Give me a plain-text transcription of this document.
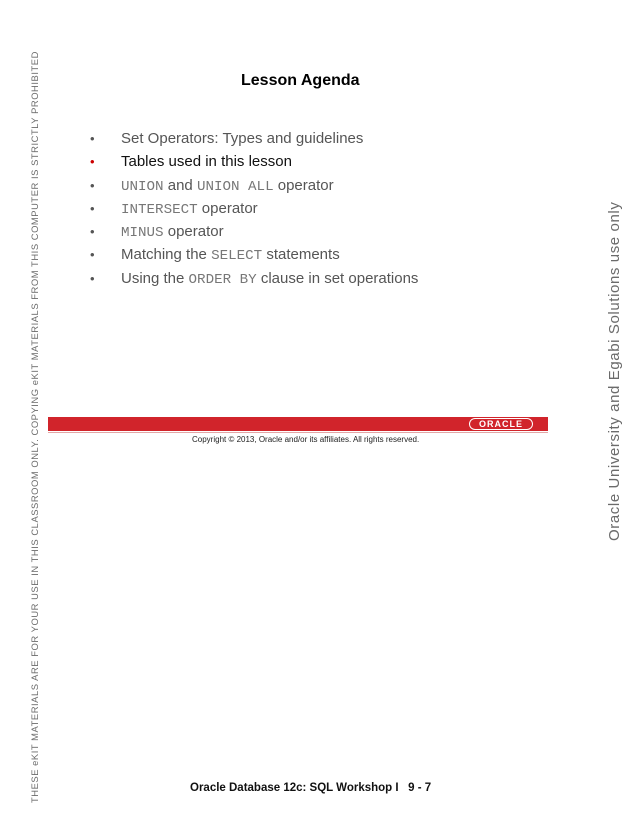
THESE eKIT MATERIALS ARE FOR YOUR USE IN THIS CLASSROOM ONLY. COPYING eKIT MATERIALS FROM THIS COMPUTER IS STRICTLY PROHIBITED	Oracle University and Egabi Solutions use only
Lesson Agenda
• Set Operators: Types and guidelines
• Tables used in this lesson
• UNION and UNION ALL operator
• INTERSECT operator
• MINUS operator
• Matching the SELECT statements
• Using the ORDER BY clause in set operations
ORACLE
Copyright © 2013, Oracle and/or its affiliates. All rights reserved.
Oracle Database 12c: SQL Workshop I   9 - 7
